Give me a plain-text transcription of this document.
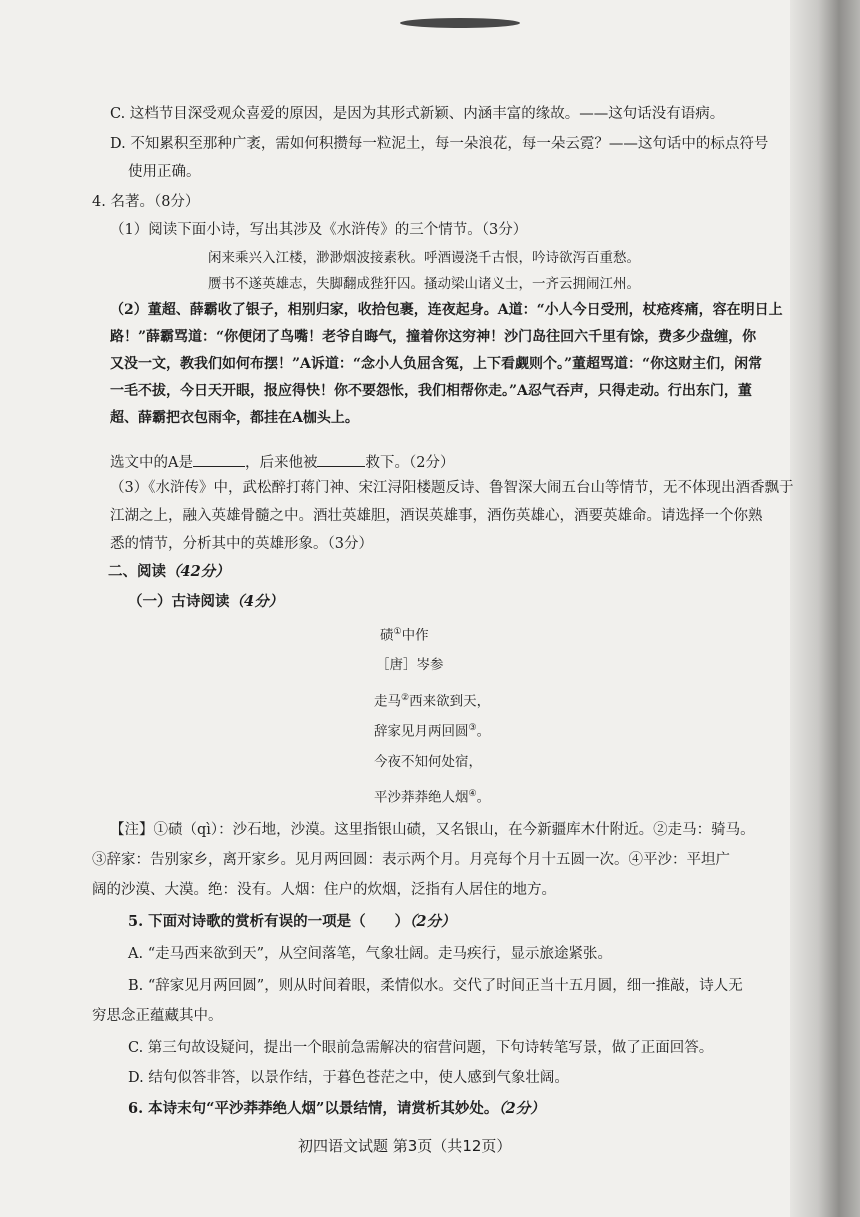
C. 这档节目深受观众喜爱的原因，是因为其形式新颖、内涵丰富的缘故。——这句话没有语病。
D. 不知累积至那种广袤，需如何积攒每一粒泥土，每一朵浪花，每一朵云霓？——这句话中的标点符号
使用正确。
4. 名著。（8分）
（1）阅读下面小诗，写出其涉及《水浒传》的三个情节。（3分）
闲来乘兴入江楼，渺渺烟波接素秋。呼酒谩浇千古恨，吟诗欲泻百重愁。
赝书不遂英雄志，失脚翻成狴犴囚。搔动梁山诸义士，一齐云拥闹江州。
（2）董超、薛霸收了银子，相别归家，收拾包裹，连夜起身。A道：“小人今日受刑，杖疮疼痛，容在明日上
路！”薛霸骂道：“你便闭了鸟嘴！老爷自晦气，撞着你这穷神！沙门岛往回六千里有馀，费多少盘缠，你
又没一文，教我们如何布摆！”A诉道：“念小人负屈含冤，上下看觑则个。”董超骂道：“你这财主们，闲常
一毛不拔，今日天开眼，报应得快！你不要怨怅，我们相帮你走。”A忍气吞声，只得走动。行出东门，董
超、薛霸把衣包雨伞，都挂在A枷头上。
选文中的A是	，后来他被	救下。（2分）
（3）《水浒传》中，武松醉打蒋门神、宋江浔阳楼题反诗、鲁智深大闹五台山等情节，无不体现出酒香飘于
江湖之上，融入英雄骨髓之中。酒壮英雄胆，酒误英雄事，酒伤英雄心，酒要英雄命。请选择一个你熟
悉的情节，分析其中的英雄形象。（3分）
二、阅读（42分）
（一）古诗阅读（4分）
碛①中作
［唐］岑参
走马②西来欲到天，
辞家见月两回圆③。
今夜不知何处宿，
平沙莽莽绝人烟④。
【注】①碛（qì）：沙石地，沙漠。这里指银山碛，又名银山，在今新疆库木什附近。②走马：骑马。
③辞家：告别家乡，离开家乡。见月两回圆：表示两个月。月亮每个月十五圆一次。④平沙：平坦广
阔的沙漠、大漠。绝：没有。人烟：住户的炊烟，泛指有人居住的地方。
5. 下面对诗歌的赏析有误的一项是（　　）（2分）
A. “走马西来欲到天”，从空间落笔，气象壮阔。走马疾行，显示旅途紧张。
B. “辞家见月两回圆”，则从时间着眼，柔情似水。交代了时间正当十五月圆，细一推敲，诗人无
穷思念正蕴藏其中。
C. 第三句故设疑问，提出一个眼前急需解决的宿营问题，下句诗转笔写景，做了正面回答。
D. 结句似答非答，以景作结，于暮色苍茫之中，使人感到气象壮阔。
6. 本诗末句“平沙莽莽绝人烟”以景结情，请赏析其妙处。（2分）
初四语文试题 第3页（共12页）
